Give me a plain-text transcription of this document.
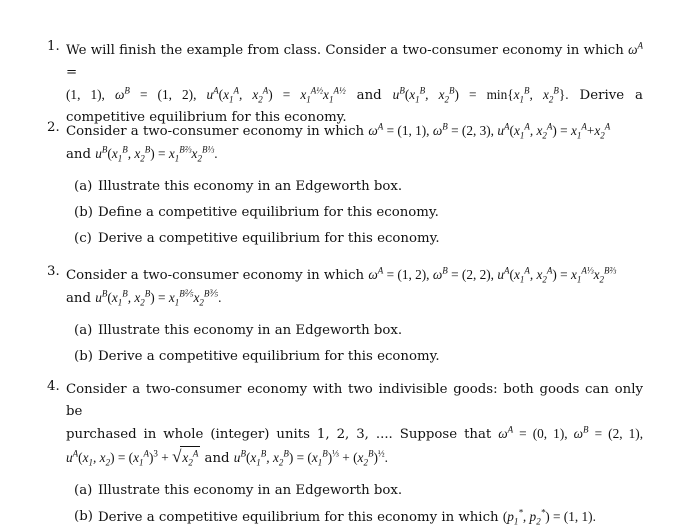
1. We will finish the example from class. Consider a two-consumer economy in which $\omega^A$ =
(1, 1), $\omega^B = (1$, 2), $u^A(x_1^A$, $x_2^A) = x_1^{A\frac{1}{2}}x_1^{A\frac{1}{2}}$ and $u^B(x_1^B$, $x_2^B) = \min\{x_1^B$, $x_2^B$}. Derive a
competitive equilibrium for this economy.
2. Consider a two-consumer economy in which $\omega^A = (1$, 1), $\omega^B = (2$, 3), $u^A(x_1^A$, $x_2^A) = x_1^A+x_2^A$
and $u^B(x_1^B$, $x_2^B) = x_1^{B\frac{2}{3}}x_2^{B\frac{1}{3}}$.
(a) Illustrate this economy in an Edgeworth box.
(b) Define a competitive equilibrium for this economy.
(c) Derive a competitive equilibrium for this economy.
3. Consider a two-consumer economy in which $\omega^A = (1$, 2), $\omega^B = (2$, 2), $u^A(x_1^A$, $x_2^A) = x_1^{A\frac{1}{3}}x_2^{B\frac{2}{3}}$
and $u^B(x_1^B$, $x_2^B) = x_1^{B\frac{2}{5}}x_2^{B\frac{3}{5}}$.
(a) Illustrate this economy in an Edgeworth box.
(b) Derive a competitive equilibrium for this economy.
4. Consider a two-consumer economy with two indivisible goods: both goods can only be
purchased in whole (integer) units 1, 2, 3, .... Suppose that $\omega^A = (0$, 1), $\omega^B = (2$, 1),
$u^A(x_1$, $x_2) = (x_1^A)^3 + √x_2^A$ and $u^B(x_1^B$, $x_2^B) = (x_1^B)^{\frac{1}{3}} + (x_2^B)^{\frac{1}{2}}$.
(a) Illustrate this economy in an Edgeworth box.
(b) Derive a competitive equilibrium for this economy in which ($p_1^*$, $p_2^*) = (1$, 1).
